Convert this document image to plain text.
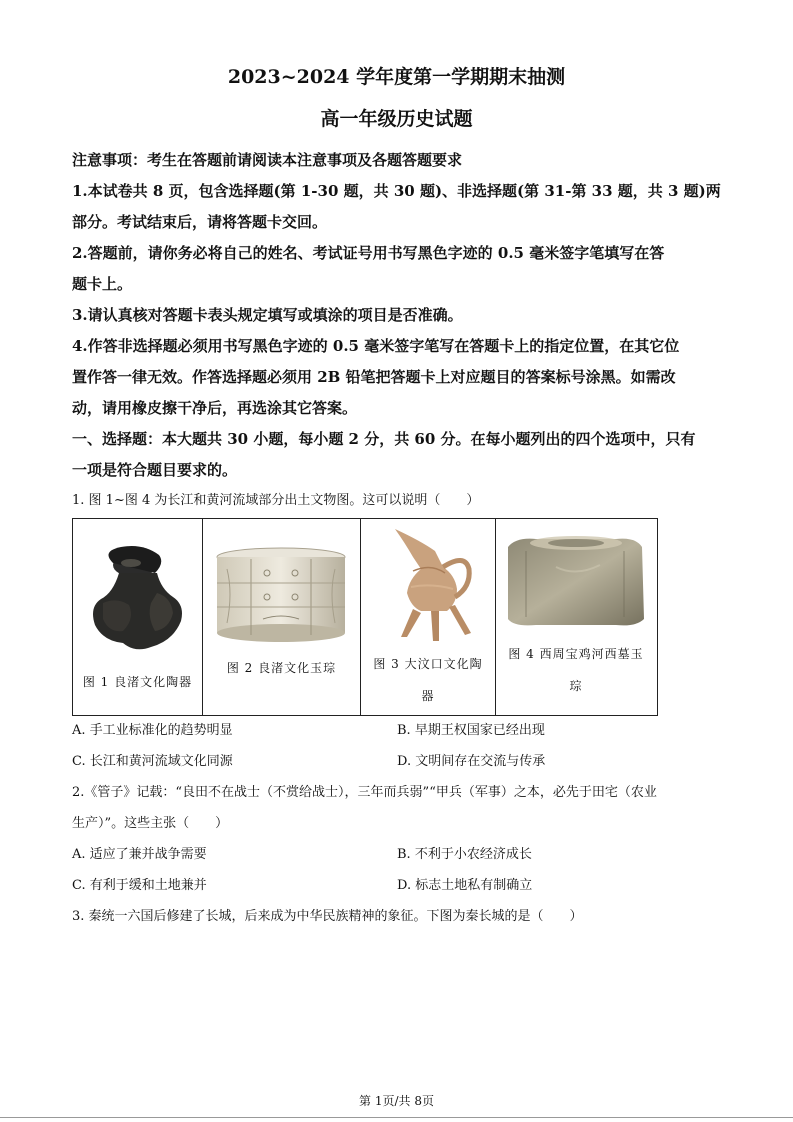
2023~2024 学年度第一学期期末抽测
高一年级历史试题
注意事项：考生在答题前请阅读本注意事项及各题答题要求
1.本试卷共 8 页，包含选择题(第 1-30 题，共 30 题)、非选择题(第 31-第 33 题，共 3 题)两
部分。考试结束后，请将答题卡交回。
2.答题前，请你务必将自己的姓名、考试证号用书写黑色字迹的 0.5 毫米签字笔填写在答
题卡上。
3.请认真核对答题卡表头规定填写或填涂的项目是否准确。
4.作答非选择题必须用书写黑色字迹的 0.5 毫米签字笔写在答题卡上的指定位置，在其它位
置作答一律无效。作答选择题必须用 2B 铅笔把答题卡上对应题目的答案标号涂黑。如需改
动，请用橡皮擦干净后，再选涂其它答案。
一、选择题：本大题共 30 小题，每小题 2 分，共 60 分。在每小题列出的四个选项中，只有
一项是符合题目要求的。
1. 图 1~图 4 为长江和黄河流域部分出土文物图。这可以说明（　　）
图 1 良渚文化陶器
图 2 良渚文化玉琮	图 3 大汶口文化陶
器
图 4 西周宝鸡河西墓玉
琮
A. 手工业标准化的趋势明显	B. 早期王权国家已经出现
C. 长江和黄河流域文化同源	D. 文明间存在交流与传承
2.《管子》记载：“良田不在战士（不赏给战士），三年而兵弱”“甲兵（军事）之本，必先于田宅（农业
生产）”。这些主张（　　）
A. 适应了兼并战争需要	B. 不利于小农经济成长
C. 有利于缓和土地兼并	D. 标志土地私有制确立
3. 秦统一六国后修建了长城，后来成为中华民族精神的象征。下图为秦长城的是（　　）
第 1页/共 8页
